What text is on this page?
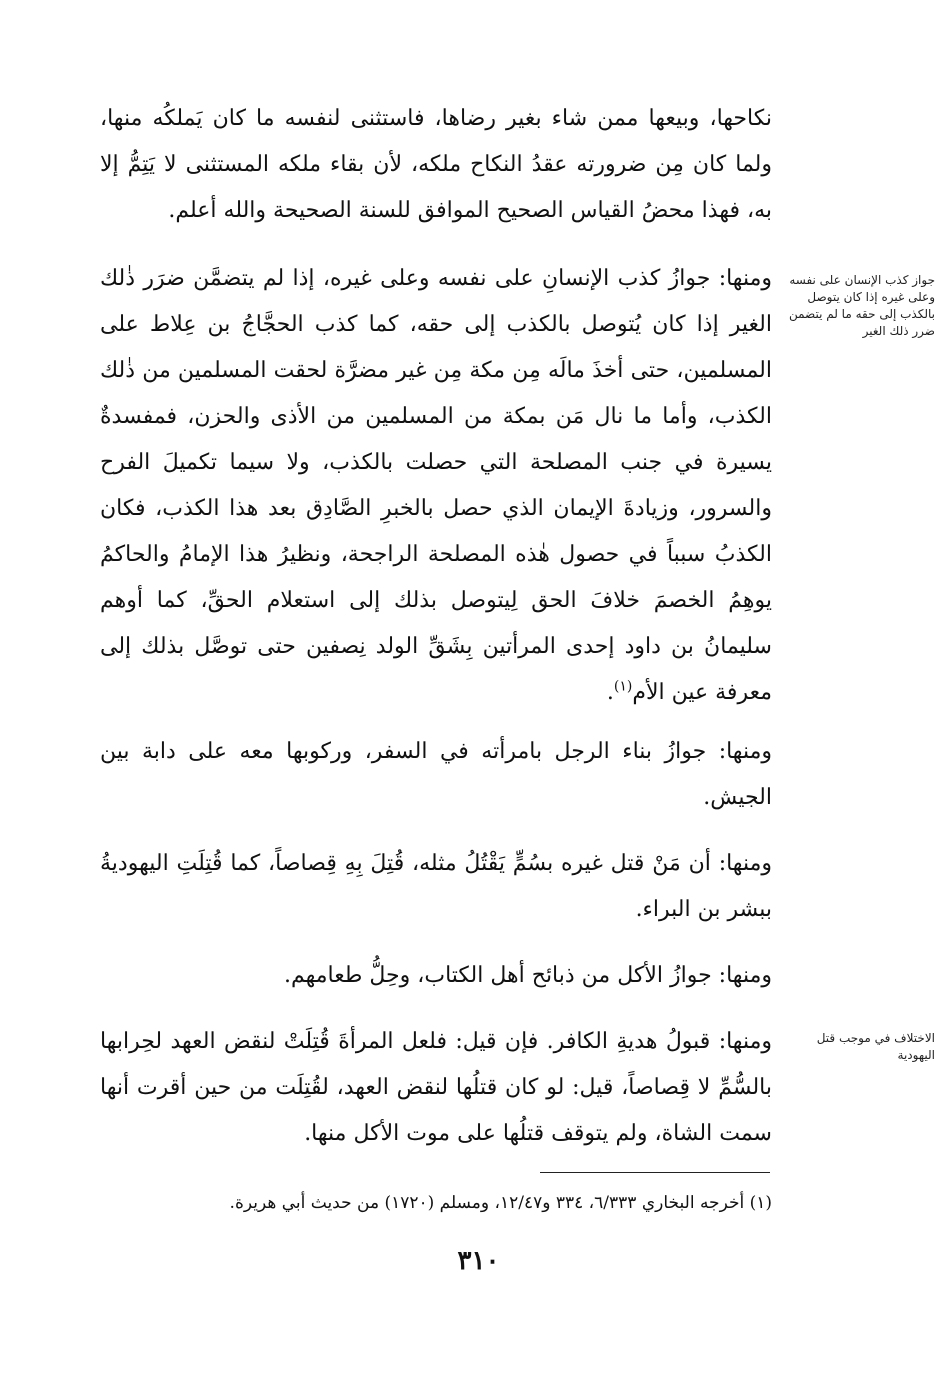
نكاحها، وبيعها ممن شاء بغير رضاها، فاستثنى لنفسه ما كان يَملكُه منها، ولما كان مِن ضرورته عقدُ النكاح ملكه، لأن بقاء ملكه المستثنى لا يَتِمُّ إلا به، فهذا محضُ القياس الصحيح الموافق للسنة الصحيحة والله أعلم.

ومنها: جوازُ كذب الإنسانِ على نفسه وعلى غيره، إذا لم يتضمَّن ضرَر ذٰلك الغير إذا كان يُتوصل بالكذب إلى حقه، كما كذب الحجَّاجُ بن عِلاط على المسلمين، حتى أخذَ مالَه مِن مكة مِن غير مضرَّة لحقت المسلمين من ذٰلك الكذب، وأما ما نال مَن بمكة من المسلمين من الأذى والحزن، فمفسدةٌ يسيرة في جنب المصلحة التي حصلت بالكذب، ولا سيما تكميلَ الفرح والسرور، وزيادةَ الإيمان الذي حصل بالخبرِ الصَّادِق بعد هذا الكذب، فكان الكذبُ سبباً في حصول هٰذه المصلحة الراجحة، ونظيرُ هذا الإمامُ والحاكمُ يوهِمُ الخصمَ خلافَ الحق لِيتوصل بذلك إلى استعلام الحقِّ، كما أوهم سليمانُ بن داود إحدى المرأتين بِشَقِّ الولد نِصفين حتى توصَّل بذلك إلى معرفة عين الأم$^{(١)}$.

جواز كذب الإنسان على نفسه وعلى غيره إذا كان يتوصل بالكذب إلى حقه ما لم يتضمن ضرر ذلك الغير

ومنها: جوازُ بناء الرجل بامرأته في السفر، وركوبها معه على دابة بين الجيش.

ومنها: أن مَنْ قتل غيره بسُمٍّ يَقْتُلُ مثله، قُتِلَ بِهِ قِصاصاً، كما قُتِلَتِ اليهوديةُ ببشر بن البراء.

ومنها: جوازُ الأكل من ذبائح أهل الكتاب، وحِلُّ طعامهم.

ومنها: قبولُ هديةِ الكافر. فإن قيل: فلعل المرأةَ قُتِلَتْ لنقض العهد لحِرابها بالسُّمِّ لا قِصاصاً، قيل: لو كان قتلُها لنقض العهد، لقُتِلَت من حين أقرت أنها سمت الشاة، ولم يتوقف قتلُها على موت الأكل منها.

الاختلاف في موجب قتل اليهودية

(١) أخرجه البخاري ٦/٣٣٣، ٣٣٤ و١٢/٤٧، ومسلم (١٧٢٠) من حديث أبي هريرة.

٣١٠
